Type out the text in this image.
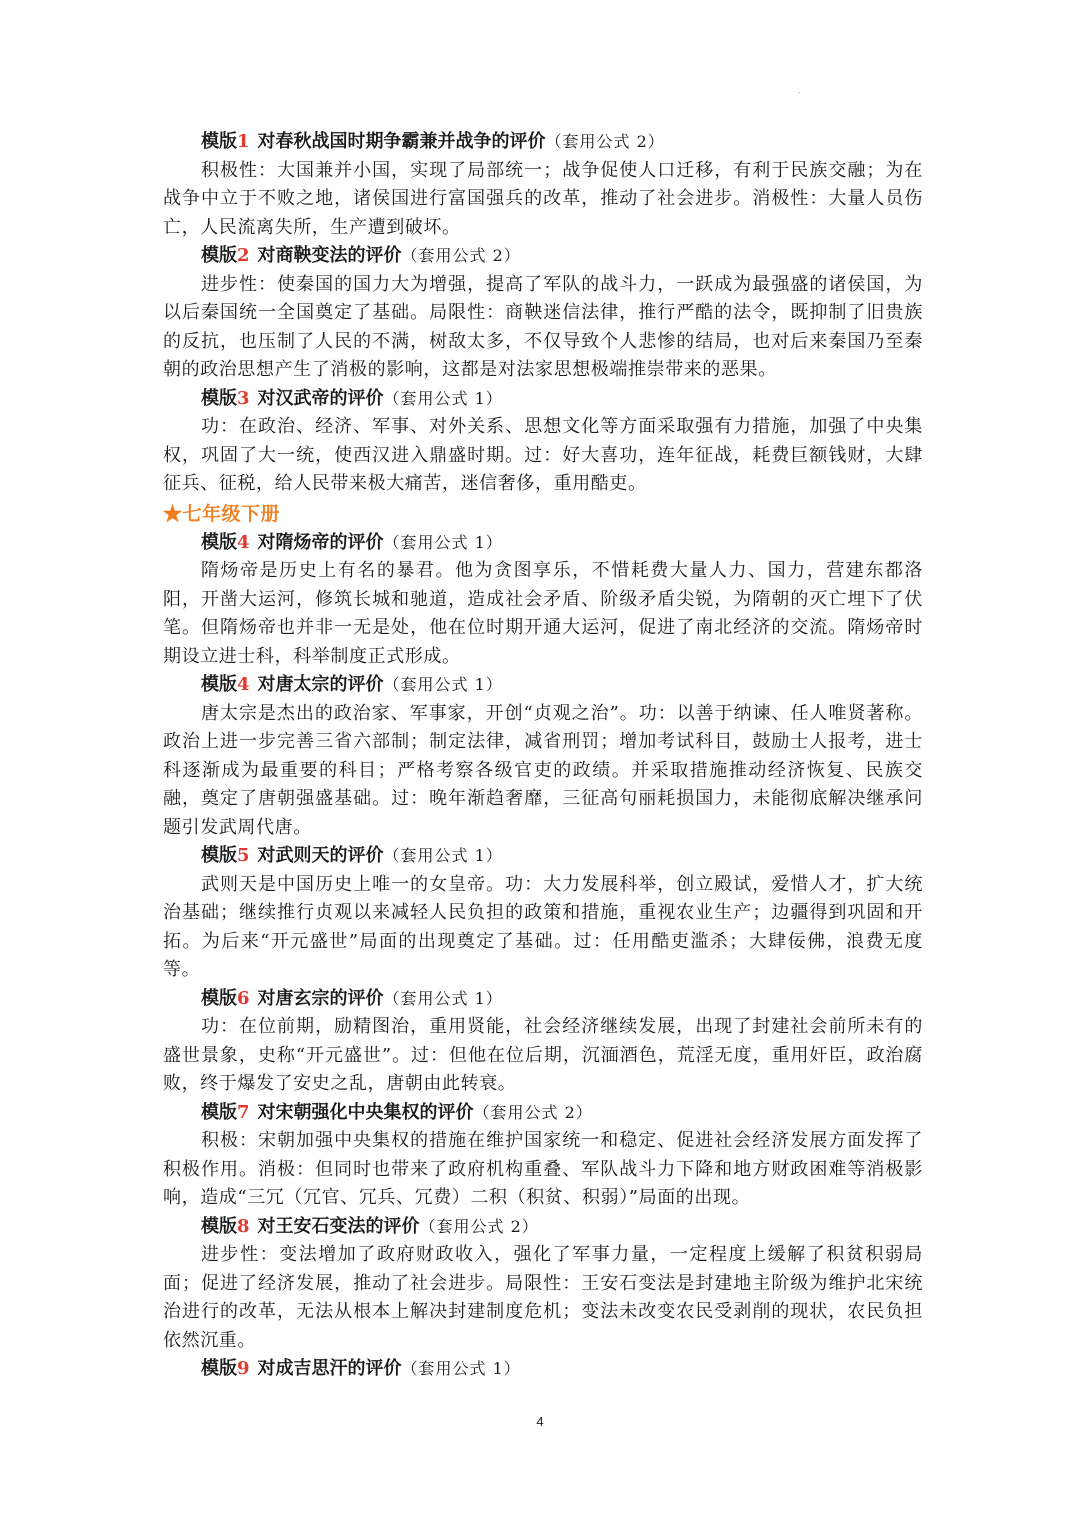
.
模版1 对春秋战国时期争霸兼并战争的评价（套用公式 2）

积极性：大国兼并小国，实现了局部统一；战争促使人口迁移，有利于民族交融；为在战争中立于不败之地，诸侯国进行富国强兵的改革，推动了社会进步。消极性：大量人员伤亡，人民流离失所，生产遭到破坏。

模版2 对商鞅变法的评价（套用公式 2）

进步性：使秦国的国力大为增强，提高了军队的战斗力，一跃成为最强盛的诸侯国，为以后秦国统一全国奠定了基础。局限性：商鞅迷信法律，推行严酷的法令，既抑制了旧贵族的反抗，也压制了人民的不满，树敌太多，不仅导致个人悲惨的结局，也对后来秦国乃至秦朝的政治思想产生了消极的影响，这都是对法家思想极端推崇带来的恶果。

模版3 对汉武帝的评价（套用公式 1）

功：在政治、经济、军事、对外关系、思想文化等方面采取强有力措施，加强了中央集权，巩固了大一统，使西汉进入鼎盛时期。过：好大喜功，连年征战，耗费巨额钱财，大肆征兵、征税，给人民带来极大痛苦，迷信奢侈，重用酷吏。

★七年级下册
模版4 对隋炀帝的评价（套用公式 1）

隋炀帝是历史上有名的暴君。他为贪图享乐，不惜耗费大量人力、国力，营建东都洛阳，开凿大运河，修筑长城和驰道，造成社会矛盾、阶级矛盾尖锐，为隋朝的灭亡埋下了伏笔。但隋炀帝也并非一无是处，他在位时期开通大运河，促进了南北经济的交流。隋炀帝时期设立进士科，科举制度正式形成。

模版4 对唐太宗的评价（套用公式 1）

唐太宗是杰出的政治家、军事家，开创“贞观之治”。功：以善于纳谏、任人唯贤著称。政治上进一步完善三省六部制；制定法律，减省刑罚；增加考试科目，鼓励士人报考，进士科逐渐成为最重要的科目；严格考察各级官吏的政绩。并采取措施推动经济恢复、民族交融，奠定了唐朝强盛基础。过：晚年渐趋奢靡，三征高句丽耗损国力，未能彻底解决继承问题引发武周代唐。

模版5 对武则天的评价（套用公式 1）

武则天是中国历史上唯一的女皇帝。功：大力发展科举，创立殿试，爱惜人才，扩大统治基础；继续推行贞观以来减轻人民负担的政策和措施，重视农业生产；边疆得到巩固和开拓。为后来“开元盛世”局面的出现奠定了基础。过：任用酷吏滥杀；大肆佞佛，浪费无度等。

模版6 对唐玄宗的评价（套用公式 1）

功：在位前期，励精图治，重用贤能，社会经济继续发展，出现了封建社会前所未有的盛世景象，史称“开元盛世”。过：但他在位后期，沉湎酒色，荒淫无度，重用奸臣，政治腐败，终于爆发了安史之乱，唐朝由此转衰。

模版7 对宋朝强化中央集权的评价（套用公式 2）

积极：宋朝加强中央集权的措施在维护国家统一和稳定、促进社会经济发展方面发挥了积极作用。消极：但同时也带来了政府机构重叠、军队战斗力下降和地方财政困难等消极影响，造成“三冗（冗官、冗兵、冗费）二积（积贫、积弱）”局面的出现。

模版8 对王安石变法的评价（套用公式 2）

进步性：变法增加了政府财政收入，强化了军事力量，一定程度上缓解了积贫积弱局面；促进了经济发展，推动了社会进步。局限性：王安石变法是封建地主阶级为维护北宋统治进行的改革，无法从根本上解决封建制度危机；变法未改变农民受剥削的现状，农民负担依然沉重。

模版9 对成吉思汗的评价（套用公式 1）
4
